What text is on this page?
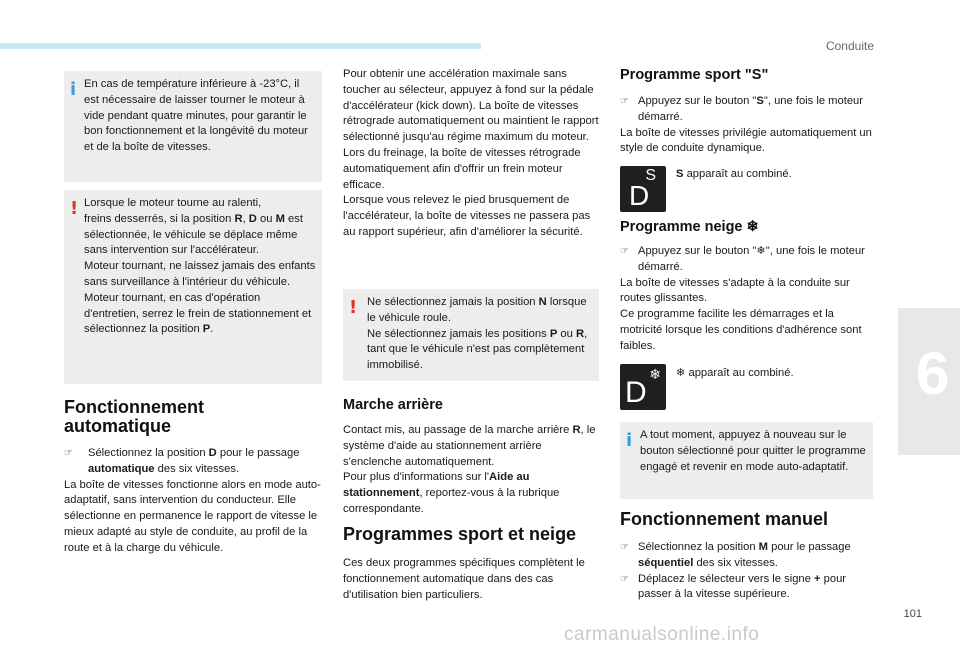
Conduite
6
i En cas de température inférieure à -23°C, il est nécessaire de laisser tourner le moteur à vide pendant quatre minutes, pour garantir le bon fonctionnement et la longévité du moteur et de la boîte de vitesses.

! Lorsque le moteur tourne au ralenti,
freins desserrés, si la position R, D ou M est sélectionnée, le véhicule se déplace même sans intervention sur l'accélérateur.

Moteur tournant, ne laissez jamais des enfants sans surveillance à l'intérieur du véhicule.

Moteur tournant, en cas d'opération d'entretien, serrez le frein de stationnement et sélectionnez la position P.

Fonctionnement
automatique

☞ Sélectionnez la position D pour le passage automatique des six vitesses.

La boîte de vitesses fonctionne alors en mode auto-adaptatif, sans intervention du conducteur. Elle sélectionne en permanence le rapport de vitesse le mieux adapté au style de conduite, au profil de la route et à la charge du véhicule.

Pour obtenir une accélération maximale sans toucher au sélecteur, appuyez à fond sur la pédale d'accélérateur (kick down). La boîte de vitesses rétrograde automatiquement ou maintient le rapport sélectionné jusqu'au régime maximum du moteur.

Lors du freinage, la boîte de vitesses rétrograde automatiquement afin d'offrir un frein moteur efficace.

Lorsque vous relevez le pied brusquement de l'accélérateur, la boîte de vitesses ne passera pas au rapport supérieur, afin d'améliorer la sécurité.

! Ne sélectionnez jamais la position N lorsque le véhicule roule.

Ne sélectionnez jamais les positions P ou R, tant que le véhicule n'est pas complètement immobilisé.

Marche arrière

Contact mis, au passage de la marche arrière R, le système d'aide au stationnement arrière s'enclenche automatiquement.

Pour plus d'informations sur l'Aide au stationnement, reportez-vous à la rubrique correspondante.

Programmes sport et neige

Ces deux programmes spécifiques complètent le fonctionnement automatique dans des cas d'utilisation bien particuliers.

Programme sport "S"

☞ Appuyez sur le bouton "S", une fois le moteur démarré.

La boîte de vitesses privilégie automatiquement un style de conduite dynamique.

S
D

S apparaît au combiné.

Programme neige ❄

☞ Appuyez sur le bouton "❄", une fois le moteur démarré.

La boîte de vitesses s'adapte à la conduite sur routes glissantes.

Ce programme facilite les démarrages et la motricité lorsque les conditions d'adhérence sont faibles.

❄
D

❄ apparaît au combiné.

i A tout moment, appuyez à nouveau sur le bouton sélectionné pour quitter le programme engagé et revenir en mode auto-adaptatif.

Fonctionnement manuel

☞ Sélectionnez la position M pour le passage séquentiel des six vitesses.

☞ Déplacez le sélecteur vers le signe + pour passer à la vitesse supérieure.

101
carmanualsonline.info
